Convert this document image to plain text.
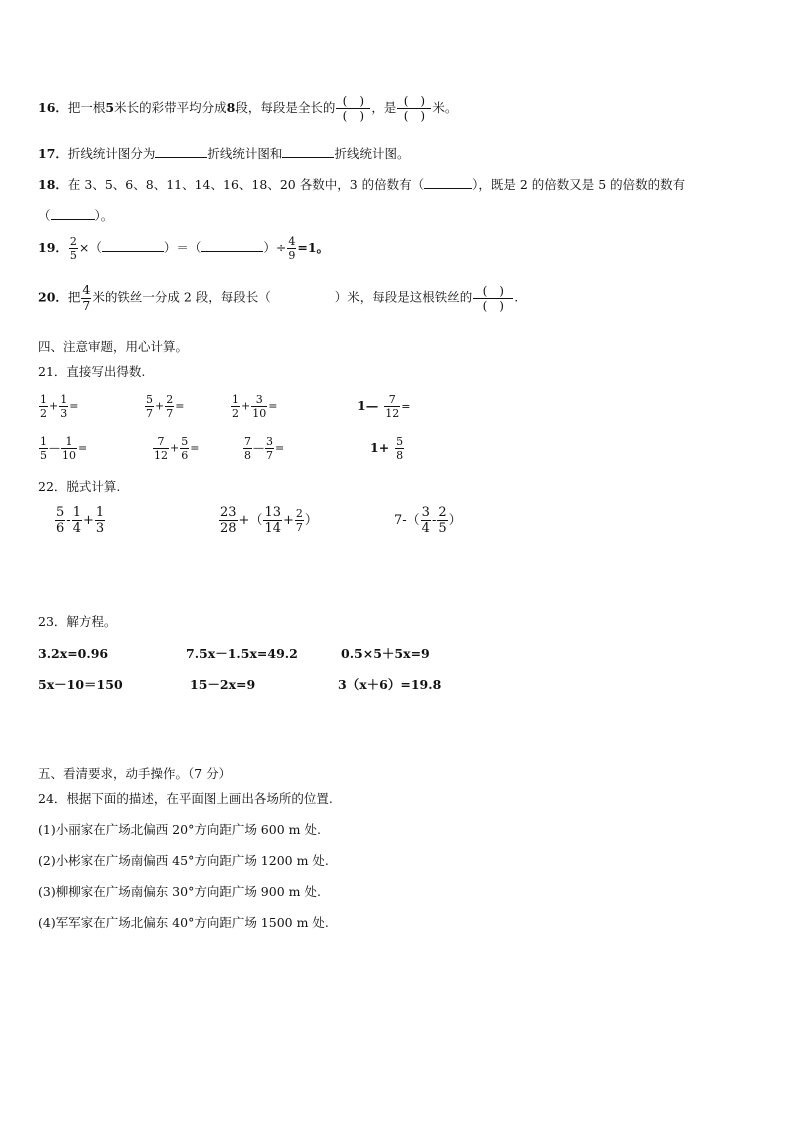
16．把一根5米长的彩带平均分成8段，每段是全长的 $\frac{( )}{( )}$ ，是 $\frac{( )}{( )}$ 米。
17．折线统计图分为	折线统计图和	折线统计图。
18．在 3、5、6、8、11、14、16、18、20 各数中，3 的倍数有（	），既是 2 的倍数又是 5 的倍数的数有
（	）。
19． $\frac{2}{5}$ ×（	）＝（	）÷ $\frac{4}{9} =1$。
20．把 $\frac{4}{7}$ 米的铁丝一分成 2 段，每段长（	）米，每段是这根铁丝的 $\frac{( )}{( )}$ .
四、注意审题，用心计算。
21．直接写出得数.
$\frac{1}{2} + \frac{1}{3}$ =	$\frac{5}{7} + \frac{2}{7}$ =	$\frac{1}{2} + \frac{3}{10}$ =	1— $\frac{7}{12}$ =
$\frac{1}{5}$ — $\frac{1}{10}$ =	$\frac{7}{12} + \frac{5}{6}$ =	$\frac{7}{8}$ — $\frac{3}{7}$ =	$1+ \frac{5}{8}$
22．脱式计算.
$\frac{5}{6} - \frac{1}{4} + \frac{1}{3}$	$\frac{23}{28}$ +（ $\frac{13}{14} + \frac{2}{7}$ ）	$7-( \frac{3}{4} - \frac{2}{5}$ ）
23．解方程。
3.2x=0.96	7.5x－1.5x=49.2	0.5×5＋5x=9
5x－10＝150	15－2x=9	3（x＋6）=19.8
五、看清要求，动手操作。（7 分）
24．根据下面的描述，在平面图上画出各场所的位置.
(1)小丽家在广场北偏西 20°方向距广场 600 m 处.
(2)小彬家在广场南偏西 45°方向距广场 1200 m 处.
(3)柳柳家在广场南偏东 30°方向距广场 900 m 处.
(4)军军家在广场北偏东 40°方向距广场 1500 m 处.
